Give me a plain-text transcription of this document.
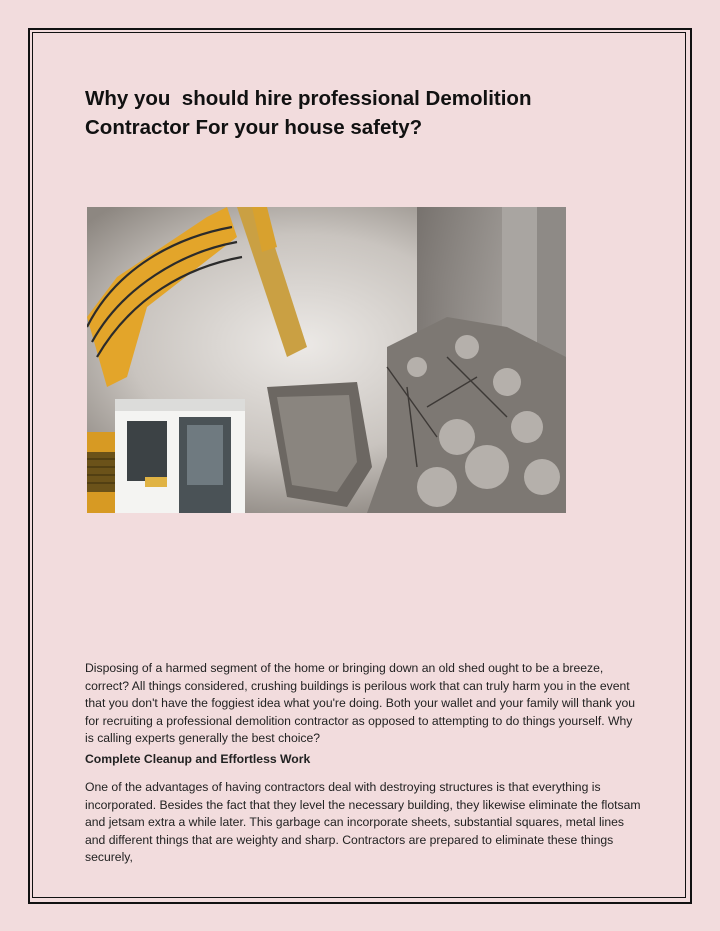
Why you  should hire professional Demolition
Contractor For your house safety?

Disposing of a harmed segment of the home or bringing down an old shed ought to be a breeze, correct? All things considered, crushing buildings is perilous work that can truly harm you in the event that you don't have the foggiest idea what you're doing. Both your wallet and your family will thank you for recruiting a professional demolition contractor as opposed to attempting to do things yourself. Why is calling experts generally the best choice?

Complete Cleanup and Effortless Work

One of the advantages of having contractors deal with destroying structures is that everything is incorporated. Besides the fact that they level the necessary building, they likewise eliminate the flotsam and jetsam extra a while later. This garbage can incorporate sheets, substantial squares, metal lines and different things that are weighty and sharp. Contractors are prepared to eliminate these things securely,
